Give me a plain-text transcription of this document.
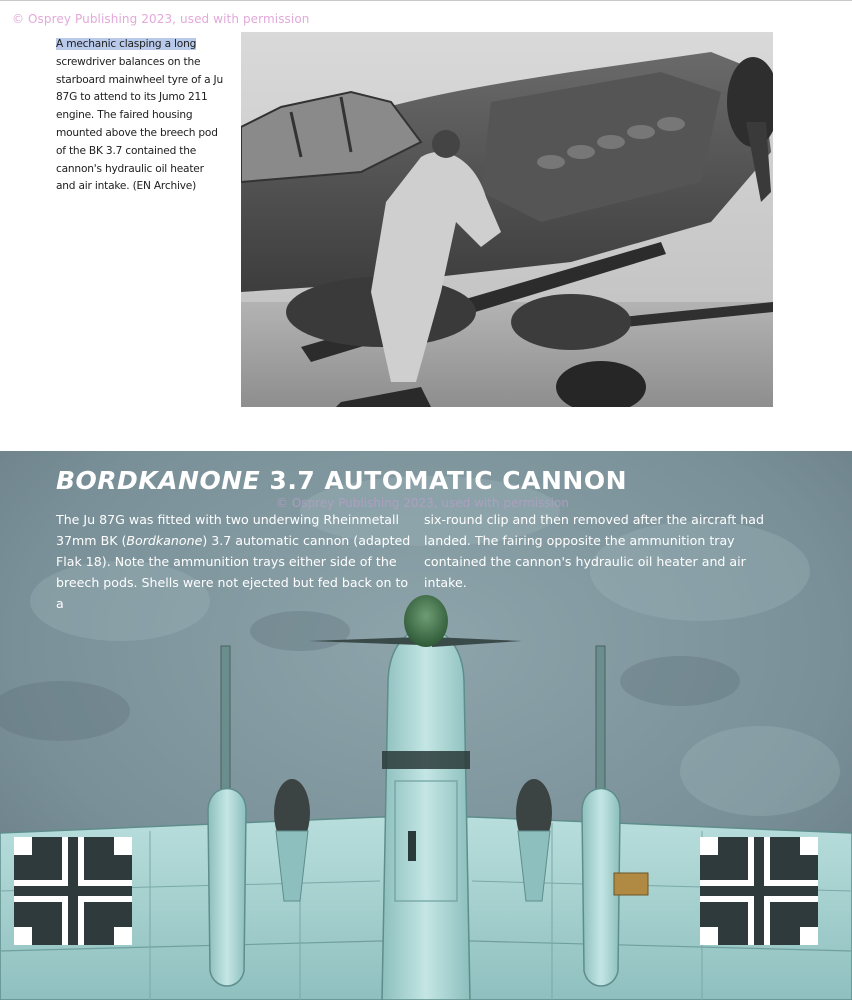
© Osprey Publishing 2023, used with permission
A mechanic clasping a long screwdriver balances on the starboard mainwheel tyre of a Ju 87G to attend to its Jumo 211 engine. The faired housing mounted above the breech pod of the BK 3.7 contained the cannon's hydraulic oil heater and air intake. (EN Archive)
BORDKANONE 3.7 AUTOMATIC CANNON
© Osprey Publishing 2023, used with permission
The Ju 87G was fitted with two underwing Rheinmetall 37mm BK (Bordkanone) 3.7 automatic cannon (adapted Flak 18). Note the ammunition trays either side of the breech pods. Shells were not ejected but fed back on to a
six-round clip and then removed after the aircraft had landed. The fairing opposite the ammunition tray contained the cannon's hydraulic oil heater and air intake.
